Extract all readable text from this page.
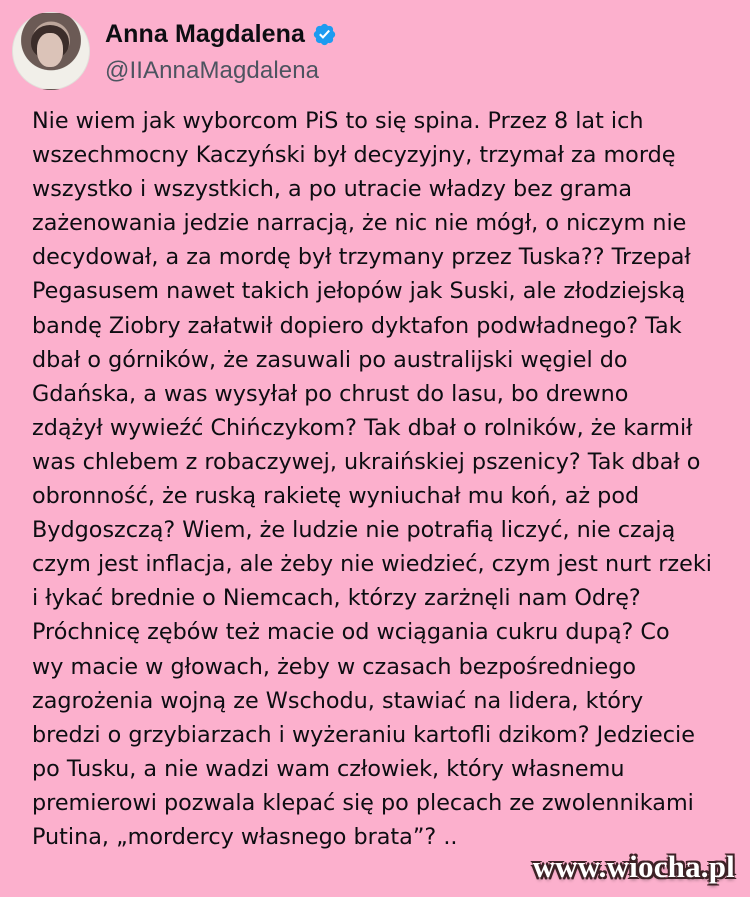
Anna Magdalena
@IIAnnaMagdalena

Nie wiem jak wyborcom PiS to się spina. Przez 8 lat ich
wszechmocny Kaczyński był decyzyjny, trzymał za mordę
wszystko i wszystkich, a po utracie władzy bez grama
zażenowania jedzie narracją, że nic nie mógł, o niczym nie
decydował, a za mordę był trzymany przez Tuska?? Trzepał
Pegasusem nawet takich jełopów jak Suski, ale złodziejską
bandę Ziobry załatwił dopiero dyktafon podwładnego? Tak
dbał o górników, że zasuwali po australijski węgiel do
Gdańska, a was wysyłał po chrust do lasu, bo drewno
zdążył wywieźć Chińczykom? Tak dbał o rolników, że karmił
was chlebem z robaczywej, ukraińskiej pszenicy? Tak dbał o
obronność, że ruską rakietę wyniuchał mu koń, aż pod
Bydgoszczą? Wiem, że ludzie nie potrafią liczyć, nie czają
czym jest inflacja, ale żeby nie wiedzieć, czym jest nurt rzeki
i łykać brednie o Niemcach, którzy zarżnęli nam Odrę?
Próchnicę zębów też macie od wciągania cukru dupą? Co
wy macie w głowach, żeby w czasach bezpośredniego
zagrożenia wojną ze Wschodu, stawiać na lidera, który
bredzi o grzybiarzach i wyżeraniu kartofli dzikom? Jedziecie
po Tusku, a nie wadzi wam człowiek, który własnemu
premierowi pozwala klepać się po plecach ze zwolennikami
Putina, „mordercy własnego brata”? ..

www.wiocha.pl
